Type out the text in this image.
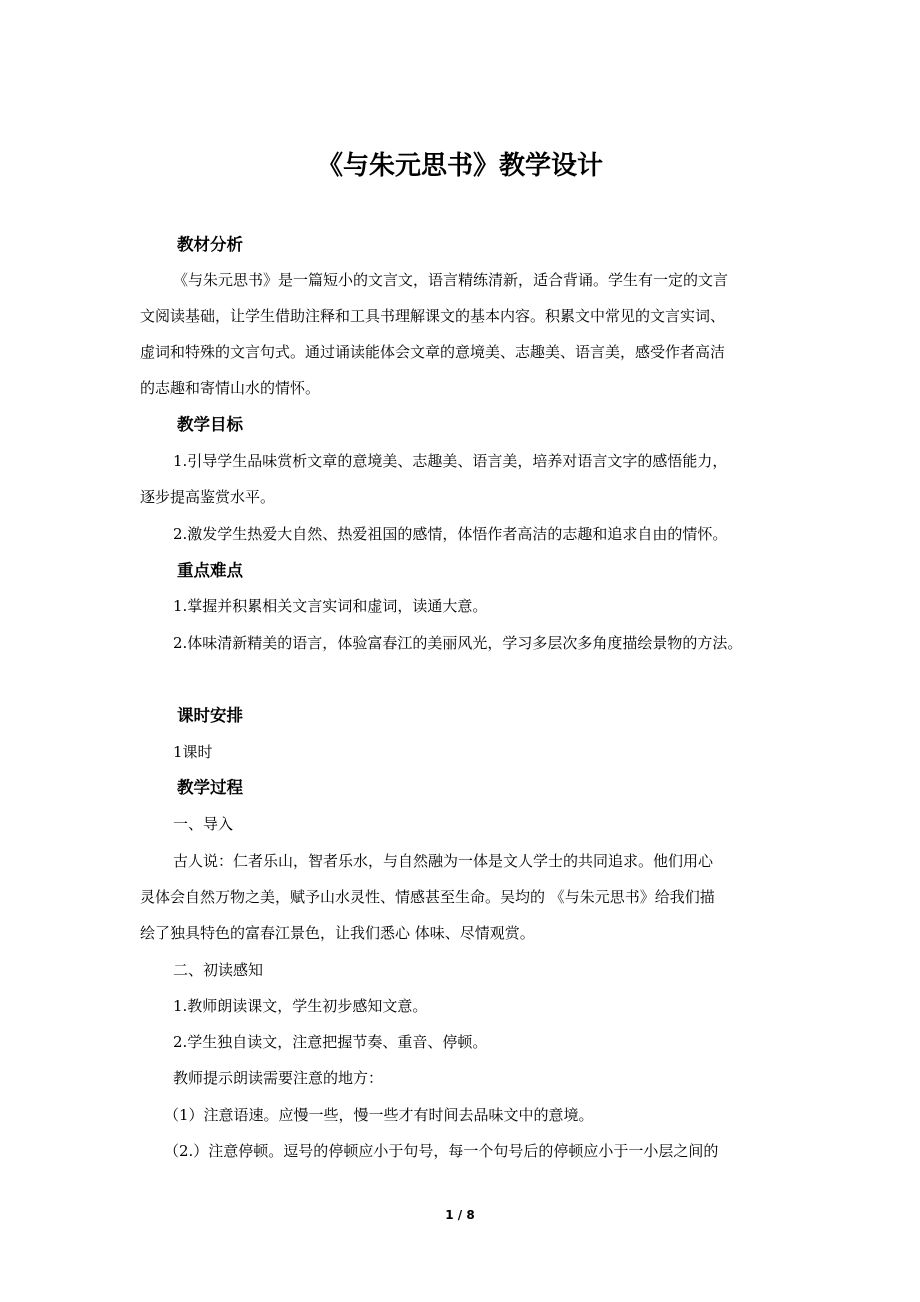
《与朱元思书》教学设计
教材分析

《与朱元思书》是一篇短小的文言文，语言精练清新，适合背诵。学生有一定的文言

文阅读基础，让学生借助注释和工具书理解课文的基本内容。积累文中常见的文言实词、

虚词和特殊的文言句式。通过诵读能体会文章的意境美、志趣美、语言美，感受作者高洁

的志趣和寄情山水的情怀。

教学目标

1.引导学生品味赏析文章的意境美、志趣美、语言美，培养对语言文字的感悟能力，

逐步提高鉴赏水平。

2.激发学生热爱大自然、热爱祖国的感情，体悟作者高洁的志趣和追求自由的情怀。

重点难点

1.掌握并积累相关文言实词和虚词，读通大意。

2.体味清新精美的语言，体验富春江的美丽风光，学习多层次多角度描绘景物的方法。

课时安排

1课时

教学过程

一、导入

古人说：仁者乐山，智者乐水，与自然融为一体是文人学士的共同追求。他们用心

灵体会自然万物之美，赋予山水灵性、情感甚至生命。吴均的 《与朱元思书》给我们描

绘了独具特色的富春江景色，让我们悉心 体味、尽情观赏。

二、初读感知

1.教师朗读课文，学生初步感知文意。

2.学生独自读文，注意把握节奏、重音、停顿。

教师提示朗读需要注意的地方：

（1）注意语速。应慢一些，慢一些才有时间去品味文中的意境。

（2.）注意停顿。逗号的停顿应小于句号，每一个句号后的停顿应小于一小层之间的

1 / 8
